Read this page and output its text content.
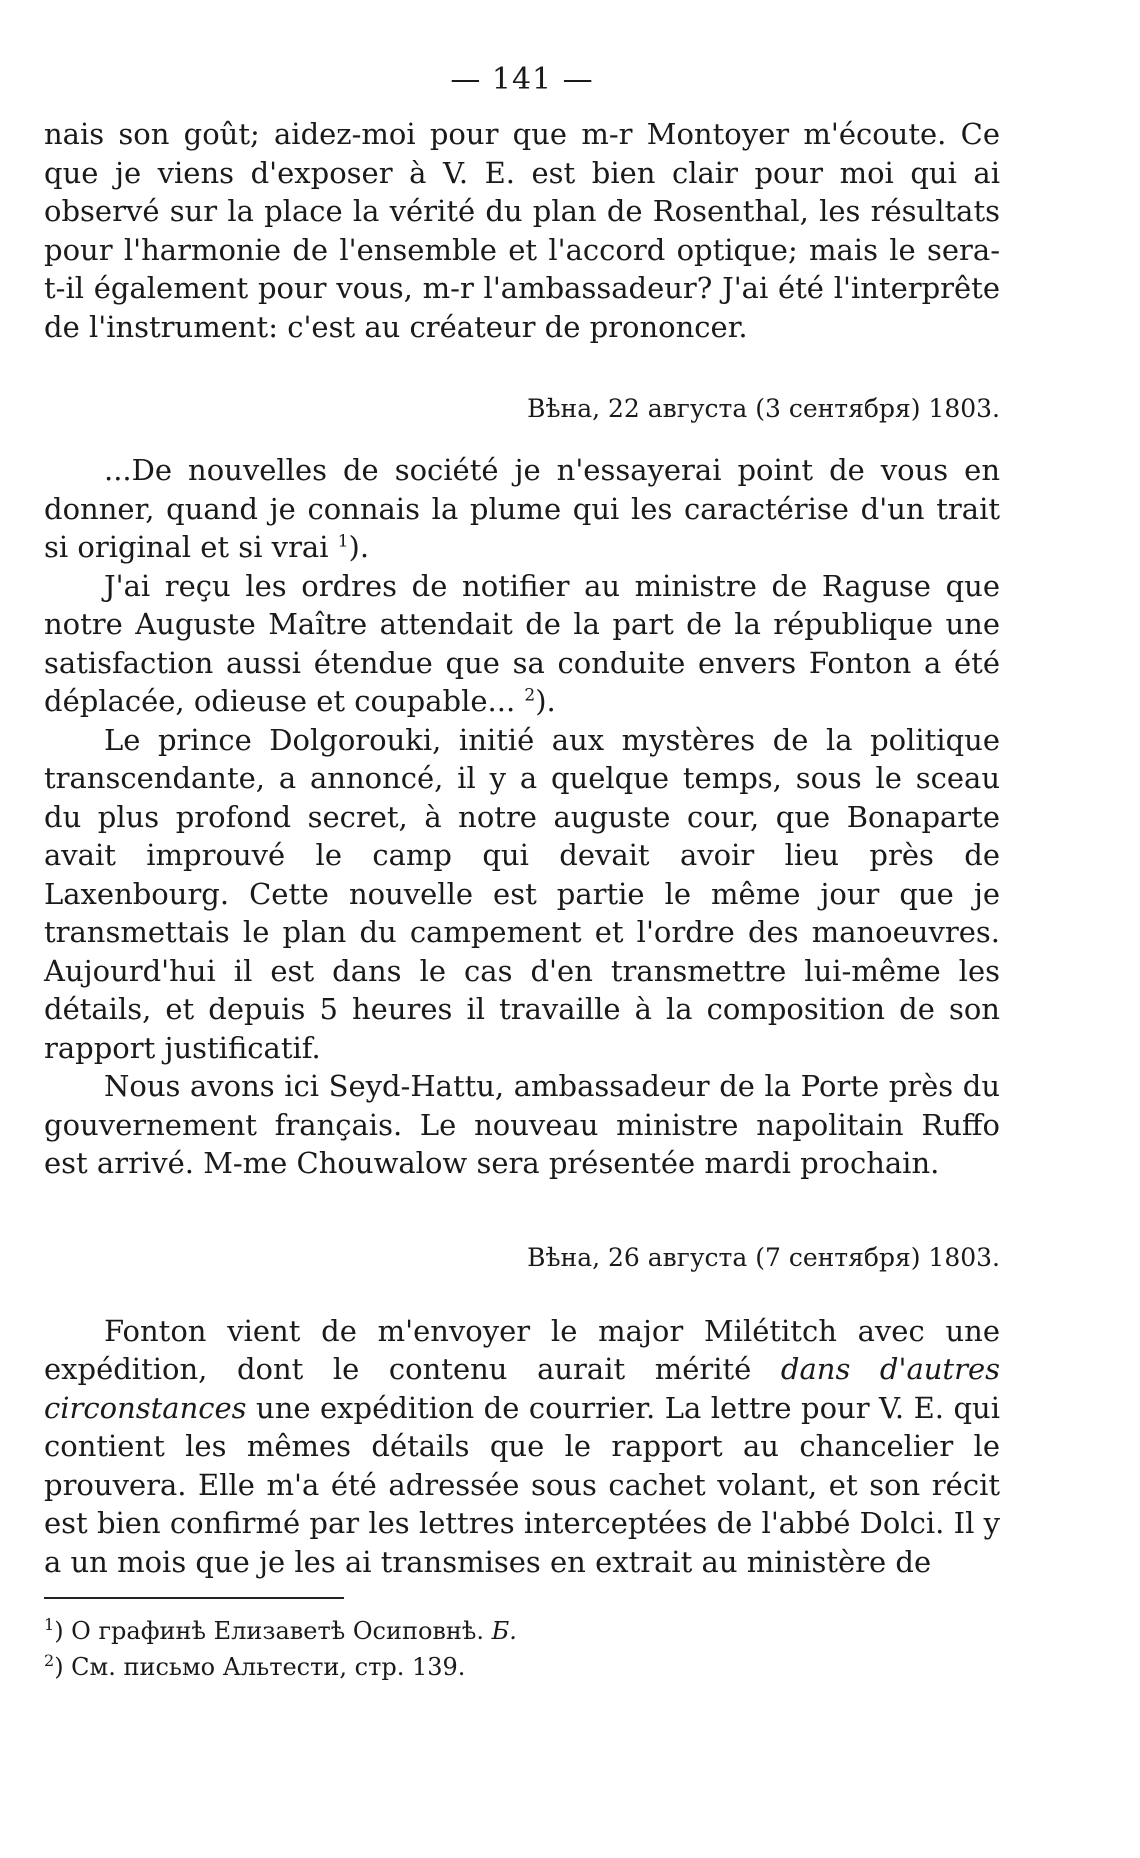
— 141 —

nais son goût; aidez-moi pour que m-r Montoyer m'écoute. Ce que je viens d'exposer à V. E. est bien clair pour moi qui ai observé sur la place la vérité du plan de Rosenthal, les résultats pour l'harmonie de l'ensemble et l'accord optique; mais le sera-t-il également pour vous, m-r l'ambassadeur? J'ai été l'interprête de l'instrument: c'est au créateur de prononcer.

Вѣна, 22 августа (3 сентября) 1803.

...De nouvelles de société je n'essayerai point de vous en donner, quand je connais la plume qui les caractérise d'un trait si original et si vrai $^1$).

J'ai reçu les ordres de notifier au ministre de Raguse que notre Auguste Maître attendait de la part de la république une satisfaction aussi étendue que sa conduite envers Fonton a été déplacée, odieuse et coupable... $^2$).

Le prince Dolgorouki, initié aux mystères de la politique transcendante, a annoncé, il y a quelque temps, sous le sceau du plus profond secret, à notre auguste cour, que Bonaparte avait improuvé le camp qui devait avoir lieu près de Laxenbourg. Cette nouvelle est partie le même jour que je transmettais le plan du campement et l'ordre des manoeuvres. Aujourd'hui il est dans le cas d'en transmettre lui-même les détails, et depuis 5 heures il travaille à la composition de son rapport justificatif.

Nous avons ici Seyd-Hattu, ambassadeur de la Porte près du gouvernement français. Le nouveau ministre napolitain Ruffo est arrivé. M-me Chouwalow sera présentée mardi prochain.

Вѣна, 26 августа (7 сентября) 1803.

Fonton vient de m'envoyer le major Milétitch avec une expédition, dont le contenu aurait mérité dans d'autres circonstances une expédition de courrier. La lettre pour V. E. qui contient les mêmes détails que le rapport au chancelier le prouvera. Elle m'a été adressée sous cachet volant, et son récit est bien confirmé par les lettres interceptées de l'abbé Dolci. Il y a un mois que je les ai transmises en extrait au ministère de

$^1$) О графинѣ Елизаветѣ Осиповнѣ. Б.

$^2$) См. письмо Альтести, стр. 139.
